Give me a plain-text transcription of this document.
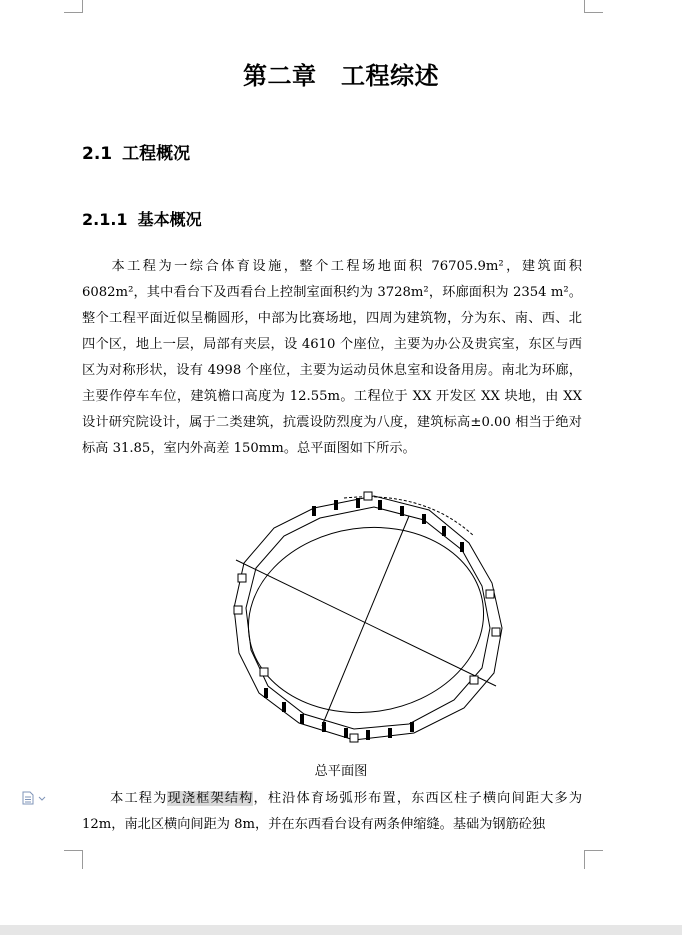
第二章　工程综述
2.1 工程概况
2.1.1 基本概况
本工程为一综合体育设施，整个工程场地面积 76705.9m²，建筑面积 6082m²，其中看台下及西看台上控制室面积约为 3728m²，环廊面积为 2354 m²。整个工程平面近似呈椭圆形，中部为比赛场地，四周为建筑物，分为东、南、西、北四个区，地上一层，局部有夹层，设 4610 个座位，主要为办公及贵宾室，东区与西区为对称形状，设有 4998 个座位，主要为运动员休息室和设备用房。南北为环廊，主要作停车车位，建筑檐口高度为 12.55m。工程位于 XX 开发区 XX 块地，由 XX 设计研究院设计，属于二类建筑，抗震设防烈度为八度，建筑标高±0.00 相当于绝对标高 31.85，室内外高差 150mm。总平面图如下所示。
总平面图
本工程为现浇框架结构，柱沿体育场弧形布置，东西区柱子横向间距大多为 12m，南北区横向间距为 8m，并在东西看台设有两条伸缩缝。基础为钢筋砼独
